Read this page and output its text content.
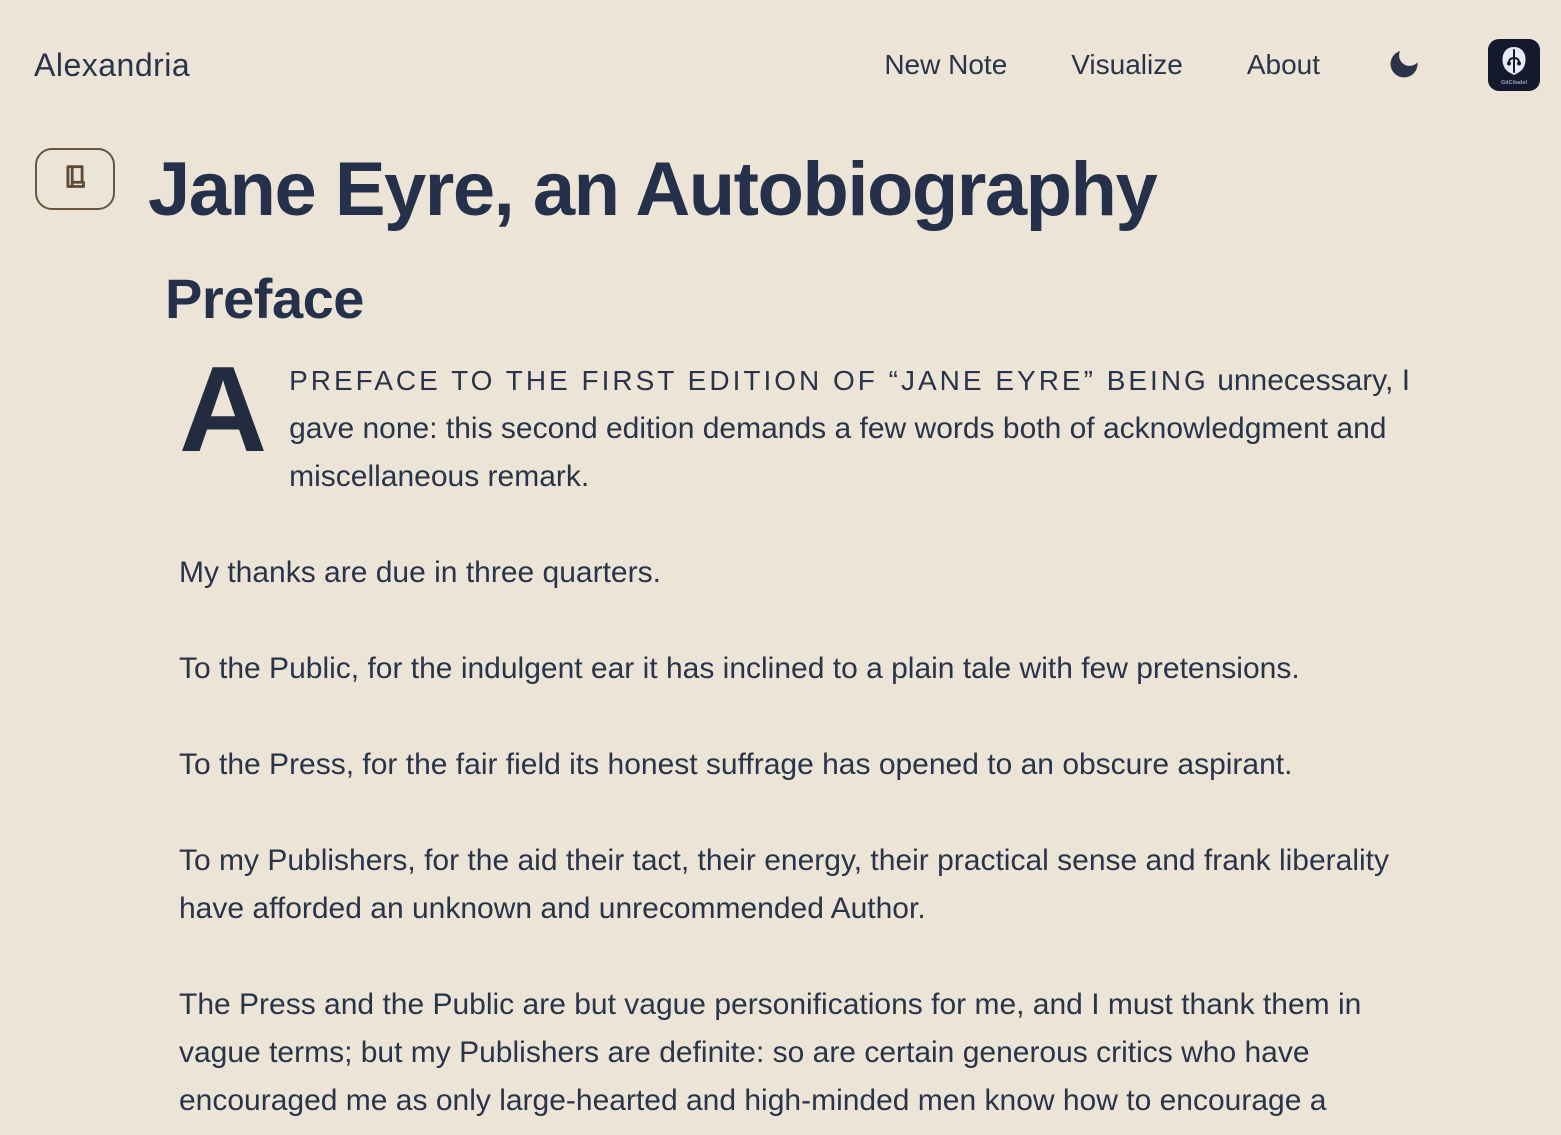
Alexandria	New Note Visualize About
GitCitadel
Jane Eyre, an Autobiography
Preface

APREFACE TO THE FIRST EDITION OF “JANE EYRE” BEING unnecessary, I gave none: this second edition demands a few words both of acknowledgment and miscellaneous remark.

My thanks are due in three quarters.

To the Public, for the indulgent ear it has inclined to a plain tale with few pretensions.

To the Press, for the fair field its honest suffrage has opened to an obscure aspirant.

To my Publishers, for the aid their tact, their energy, their practical sense and frank liberality have afforded an unknown and unrecommended Author.

The Press and the Public are but vague personifications for me, and I must thank them in vague terms; but my Publishers are definite: so are certain generous critics who have encouraged me as only large-hearted and high-minded men know how to encourage a
